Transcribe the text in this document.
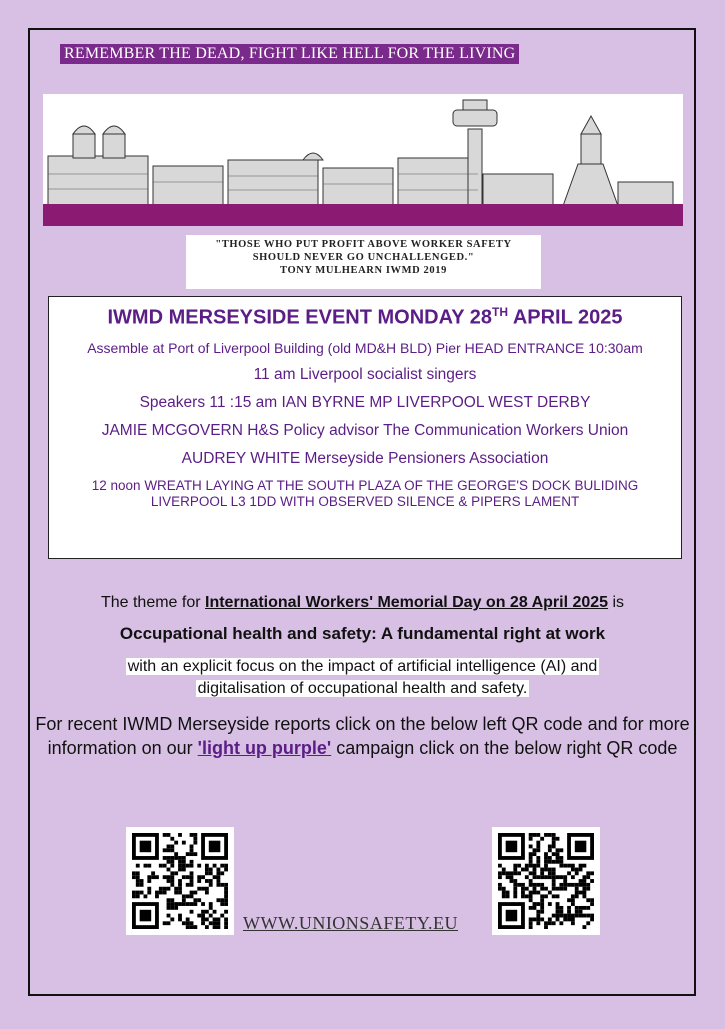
REMEMBER THE DEAD, FIGHT LIKE HELL FOR THE LIVING
"THOSE WHO PUT PROFIT ABOVE WORKER SAFETY
SHOULD NEVER GO UNCHALLENGED."
TONY MULHEARN IWMD 2019
IWMD MERSEYSIDE EVENT MONDAY 28TH APRIL 2025
Assemble at Port of Liverpool Building (old MD&H BLD) Pier HEAD ENTRANCE 10:30am
11 am Liverpool socialist singers
Speakers 11 :15 am IAN BYRNE MP LIVERPOOL WEST DERBY
JAMIE MCGOVERN H&S Policy advisor The Communication Workers Union
AUDREY WHITE Merseyside Pensioners Association
12 noon WREATH LAYING AT THE SOUTH PLAZA OF THE GEORGE'S DOCK BULIDING
LIVERPOOL L3 1DD WITH OBSERVED SILENCE & PIPERS LAMENT
The theme for International Workers' Memorial Day on 28 April 2025 is
Occupational health and safety: A fundamental right at work
with an explicit focus on the impact of artificial intelligence (AI) and
digitalisation of occupational health and safety.
For recent IWMD Merseyside reports click on the below left QR code and for more information on our 'light up purple' campaign click on the below right QR code
WWW.UNIONSAFETY.EU
